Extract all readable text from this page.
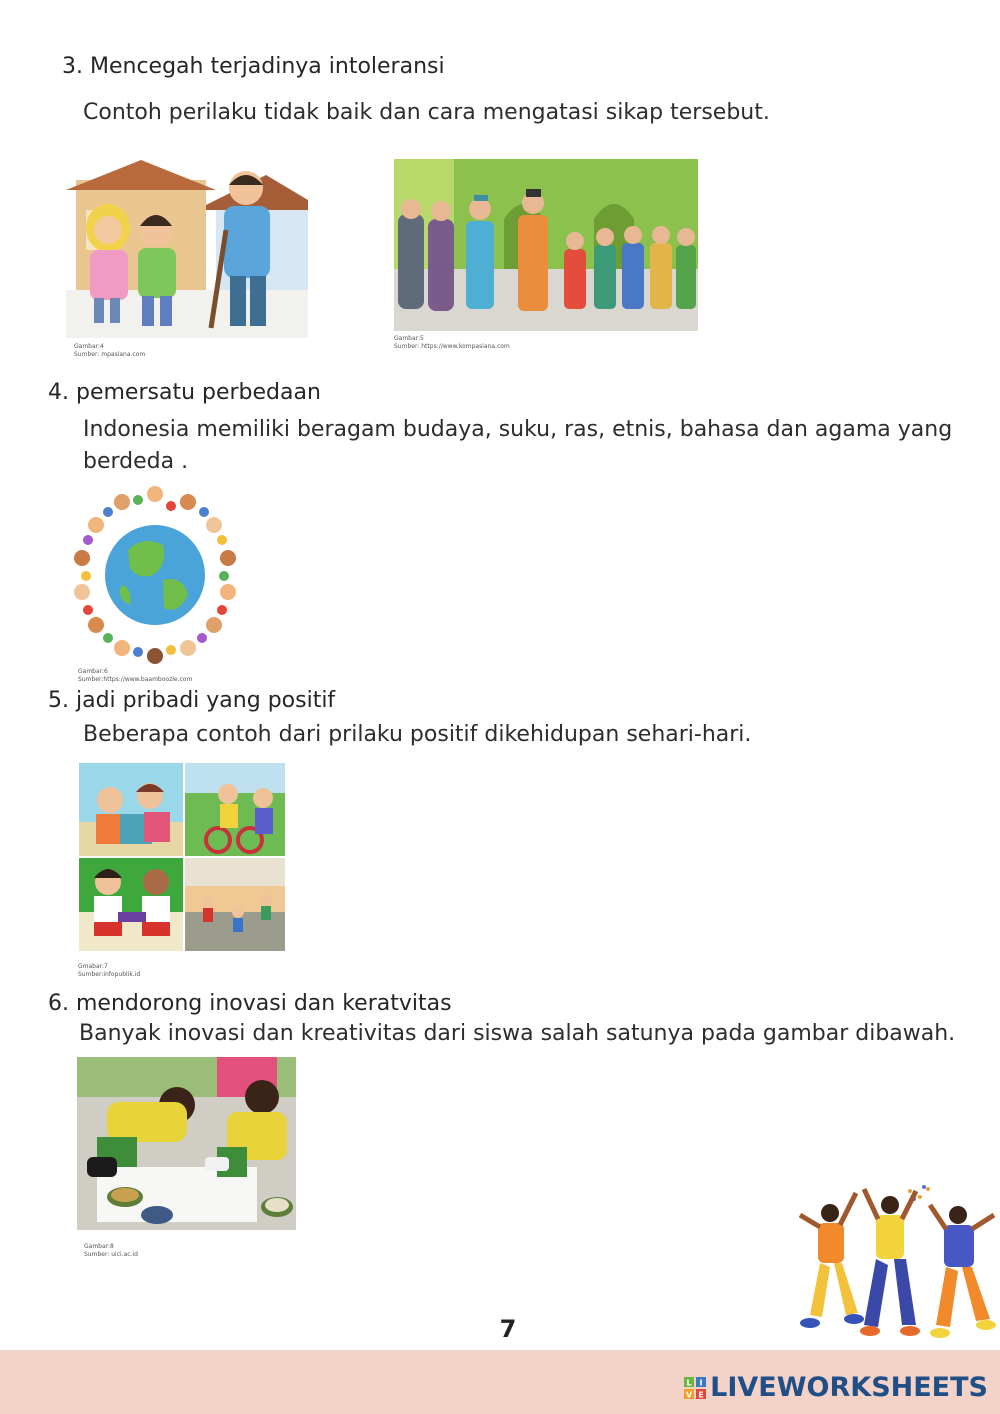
3. Mencegah terjadinya intoleransi
Contoh perilaku tidak baik dan cara mengatasi sikap tersebut.
Gambar:4
Sumber: mpasiana.com
Gambar:5
Sumber: https://www.kompasiana.com
4. pemersatu perbedaan
Indonesia memiliki beragam budaya, suku, ras, etnis, bahasa dan agama yang berdeda .
Gambar:6
Sumber:https://www.baamboozle.com
5. jadi pribadi yang positif
Beberapa contoh dari prilaku positif dikehidupan sehari-hari.
Gmabar:7
Sumber:infopublik.id
6. mendorong inovasi dan keratvitas
Banyak inovasi dan kreativitas dari siswa salah satunya pada gambar dibawah.
Gambar:8
Sumber: uici.ac.id
7
L I
V E LIVEWORKSHEETS
